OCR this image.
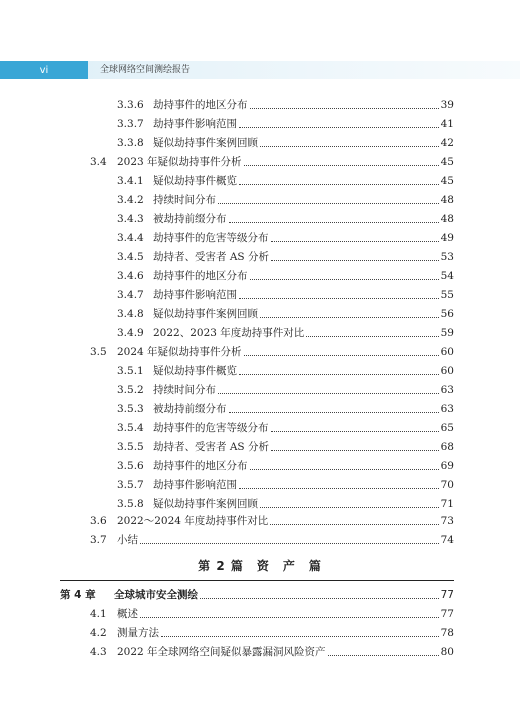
vi	全球网络空间测绘报告
3.3.6 劫持事件的地区分布	39
3.3.7 劫持事件影响范围	41
3.3.8 疑似劫持事件案例回顾	42
3.4 2023 年疑似劫持事件分析	45
3.4.1 疑似劫持事件概览	45
3.4.2 持续时间分布	48
3.4.3 被劫持前缀分布	48
3.4.4 劫持事件的危害等级分布	49
3.4.5 劫持者、受害者 AS 分析	53
3.4.6 劫持事件的地区分布	54
3.4.7 劫持事件影响范围	55
3.4.8 疑似劫持事件案例回顾	56
3.4.9 2022、2023 年度劫持事件对比	59
3.5 2024 年疑似劫持事件分析	60
3.5.1 疑似劫持事件概览	60
3.5.2 持续时间分布	63
3.5.3 被劫持前缀分布	63
3.5.4 劫持事件的危害等级分布	65
3.5.5 劫持者、受害者 AS 分析	68
3.5.6 劫持事件的地区分布	69
3.5.7 劫持事件影响范围	70
3.5.8 疑似劫持事件案例回顾	71
3.6 2022～2024 年度劫持事件对比	73
3.7 小结	74
第 2 篇　资　产　篇
第 4 章	全球城市安全测绘	77
4.1 概述	77
4.2 测量方法	78
4.3 2022 年全球网络空间疑似暴露漏洞风险资产	80
